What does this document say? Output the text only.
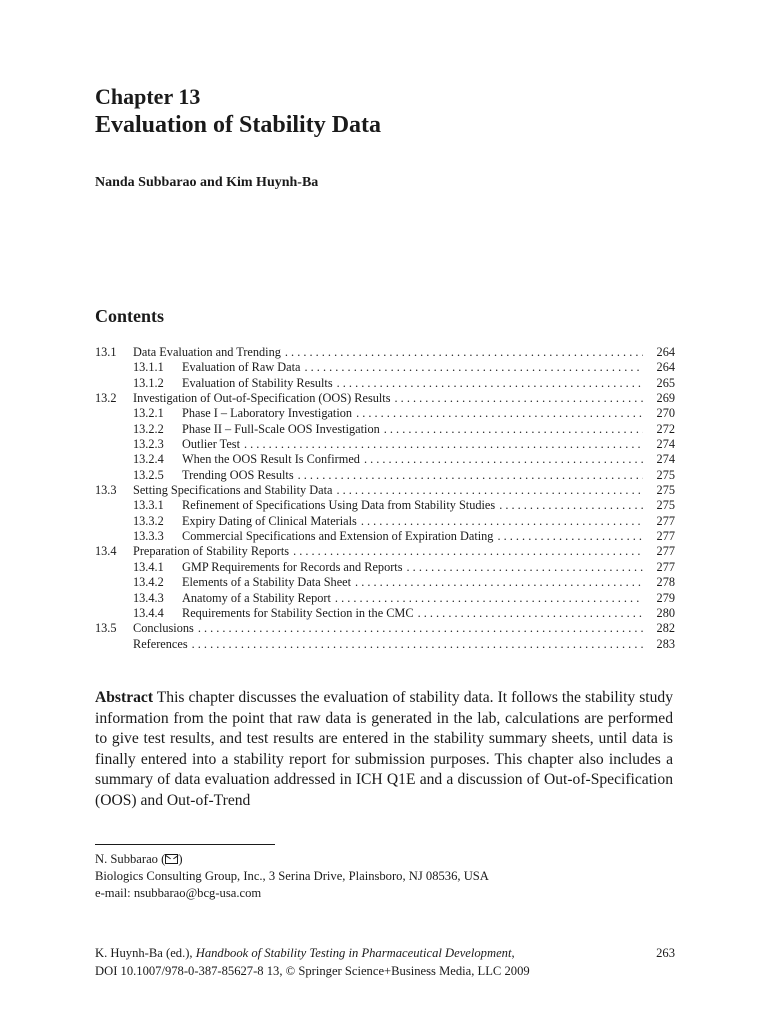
Chapter 13
Evaluation of Stability Data
Nanda Subbarao and Kim Huynh-Ba
Contents
13.1	Data Evaluation and Trending . . .	264
13.1.1	Evaluation of Raw Data . . .	264
13.1.2	Evaluation of Stability Results . . .	265
13.2	Investigation of Out-of-Specification (OOS) Results . . .	269
13.2.1	Phase I – Laboratory Investigation . . .	270
13.2.2	Phase II – Full-Scale OOS Investigation . . .	272
13.2.3	Outlier Test . . .	274
13.2.4	When the OOS Result Is Confirmed . . .	274
13.2.5	Trending OOS Results . . .	275
13.3	Setting Specifications and Stability Data . . .	275
13.3.1	Refinement of Specifications Using Data from Stability Studies . . .	275
13.3.2	Expiry Dating of Clinical Materials . . .	277
13.3.3	Commercial Specifications and Extension of Expiration Dating . . .	277
13.4	Preparation of Stability Reports . . .	277
13.4.1	GMP Requirements for Records and Reports . . .	277
13.4.2	Elements of a Stability Data Sheet . . .	278
13.4.3	Anatomy of a Stability Report . . .	279
13.4.4	Requirements for Stability Section in the CMC . . .	280
13.5	Conclusions . . .	282
References . . .	283
Abstract This chapter discusses the evaluation of stability data. It follows the stability study information from the point that raw data is generated in the lab, calculations are performed to give test results, and test results are entered in the stability summary sheets, until data is finally entered into a stability report for submission purposes. This chapter also includes a summary of data evaluation addressed in ICH Q1E and a discussion of Out-of-Specification (OOS) and Out-of-Trend
N. Subbarao ( )
Biologics Consulting Group, Inc., 3 Serina Drive, Plainsboro, NJ 08536, USA
e-mail: nsubbarao@bcg-usa.com
K. Huynh-Ba (ed.), Handbook of Stability Testing in Pharmaceutical Development,	263
DOI 10.1007/978-0-387-85627-8 13, © Springer Science+Business Media, LLC 2009
